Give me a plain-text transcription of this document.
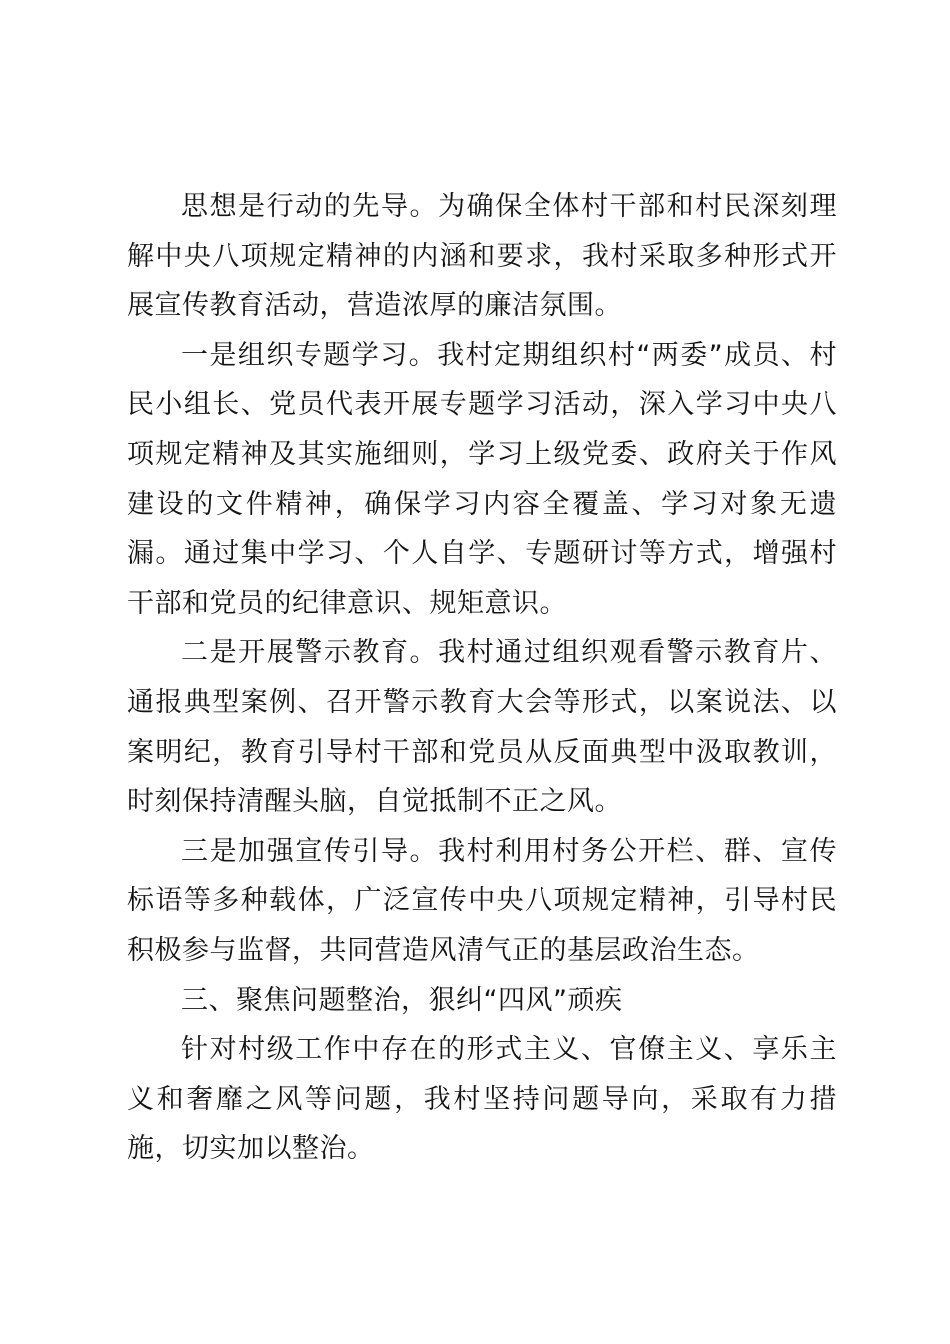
思想是行动的先导。为确保全体村干部和村民深刻理解中央八项规定精神的内涵和要求，我村采取多种形式开展宣传教育活动，营造浓厚的廉洁氛围。

一是组织专题学习。我村定期组织村“两委”成员、村民小组长、党员代表开展专题学习活动，深入学习中央八项规定精神及其实施细则，学习上级党委、政府关于作风建设的文件精神，确保学习内容全覆盖、学习对象无遗漏。通过集中学习、个人自学、专题研讨等方式，增强村干部和党员的纪律意识、规矩意识。

二是开展警示教育。我村通过组织观看警示教育片、通报典型案例、召开警示教育大会等形式，以案说法、以案明纪，教育引导村干部和党员从反面典型中汲取教训，时刻保持清醒头脑，自觉抵制不正之风。

三是加强宣传引导。我村利用村务公开栏、群、宣传标语等多种载体，广泛宣传中央八项规定精神，引导村民积极参与监督，共同营造风清气正的基层政治生态。

三、聚焦问题整治，狠纠“四风”顽疾

针对村级工作中存在的形式主义、官僚主义、享乐主义和奢靡之风等问题，我村坚持问题导向，采取有力措施，切实加以整治。
